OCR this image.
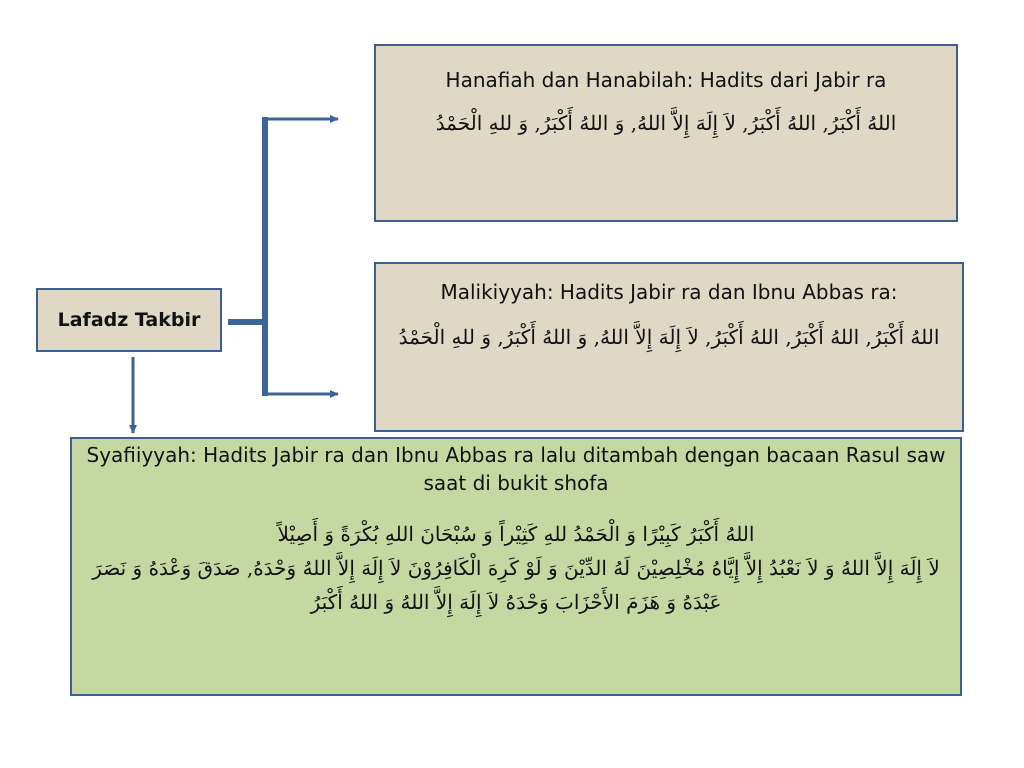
Lafadz Takbir
Hanafiah dan Hanabilah: Hadits dari Jabir ra
اللهُ أَكْبَرُ, اللهُ أَكْبَرُ, لاَ إِلَهَ إِلاَّ اللهُ, وَ اللهُ أَكْبَرُ, وَ للهِ الْحَمْدُ
Malikiyyah: Hadits Jabir ra dan Ibnu Abbas ra:
اللهُ أَكْبَرُ, اللهُ أَكْبَرُ, اللهُ أَكْبَرُ, لاَ إِلَهَ إِلاَّ اللهُ, وَ اللهُ أَكْبَرُ, وَ للهِ الْحَمْدُ
Syafiiyyah: Hadits Jabir ra dan Ibnu Abbas ra lalu ditambah dengan bacaan Rasul saw saat di bukit shofa
اللهُ أَكْبَرُ كَبِيْرًا وَ الْحَمْدُ للهِ كَثِيْراً وَ سُبْحَانَ اللهِ بُكْرَةً وَ أَصِيْلاً
لاَ إِلَهَ إِلاَّ اللهُ وَ لاَ نَعْبُدُ إِلاَّ إِيَّاهُ مُخْلِصِيْنَ لَهُ الدِّيْنَ وَ لَوْ كَرِهَ الْكَافِرُوْنَ لاَ إِلَهَ إِلاَّ اللهُ وَحْدَهُ, صَدَقَ وَعْدَهُ وَ نَصَرَ عَبْدَهُ وَ هَزَمَ الأَحْزَابَ وَحْدَهُ لاَ إِلَهَ إِلاَّ اللهُ وَ اللهُ أَكْبَرُ
